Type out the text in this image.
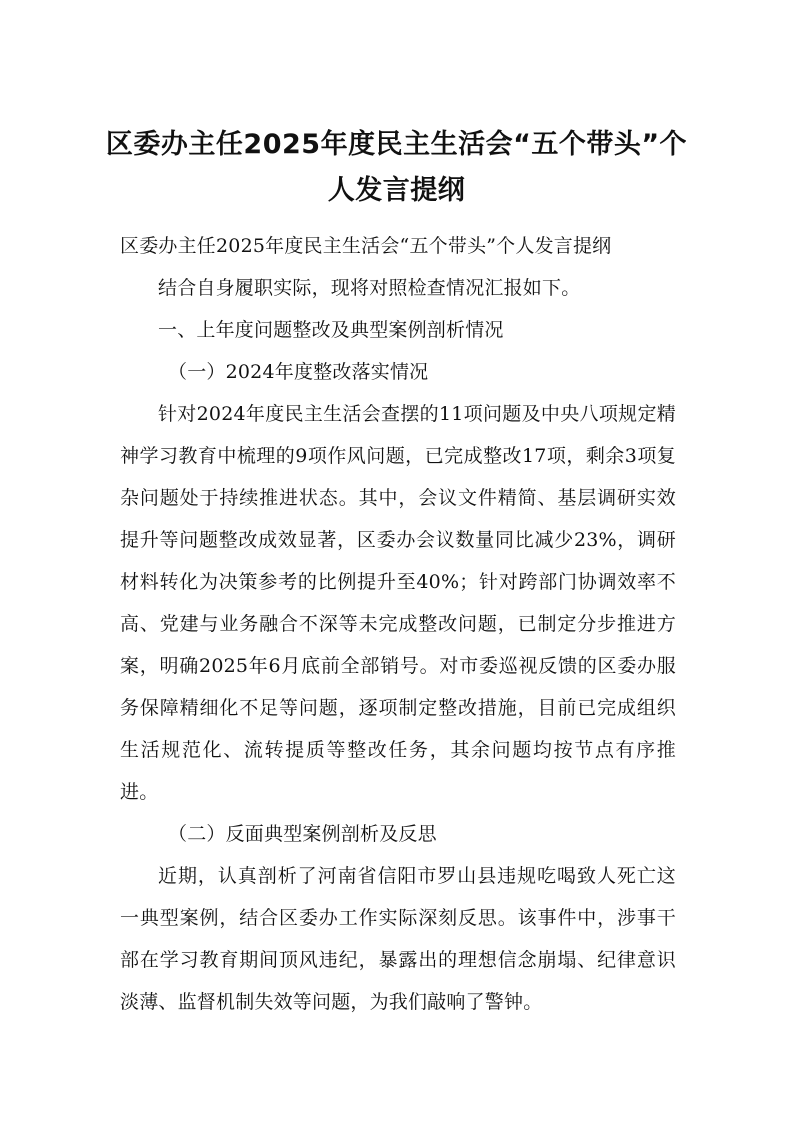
区委办主任2025年度民主生活会“五个带头”个人发言提纲

区委办主任2025年度民主生活会“五个带头”个人发言提纲

结合自身履职实际，现将对照检查情况汇报如下。

一、上年度问题整改及典型案例剖析情况

（一）2024年度整改落实情况

针对2024年度民主生活会查摆的11项问题及中央八项规定精神学习教育中梳理的9项作风问题，已完成整改17项，剩余3项复杂问题处于持续推进状态。其中，会议文件精简、基层调研实效提升等问题整改成效显著，区委办会议数量同比减少23%，调研材料转化为决策参考的比例提升至40%；针对跨部门协调效率不高、党建与业务融合不深等未完成整改问题，已制定分步推进方案，明确2025年6月底前全部销号。对市委巡视反馈的区委办服务保障精细化不足等问题，逐项制定整改措施，目前已完成组织生活规范化、流转提质等整改任务，其余问题均按节点有序推进。

（二）反面典型案例剖析及反思

近期，认真剖析了河南省信阳市罗山县违规吃喝致人死亡这一典型案例，结合区委办工作实际深刻反思。该事件中，涉事干部在学习教育期间顶风违纪，暴露出的理想信念崩塌、纪律意识淡薄、监督机制失效等问题，为我们敲响了警钟。
